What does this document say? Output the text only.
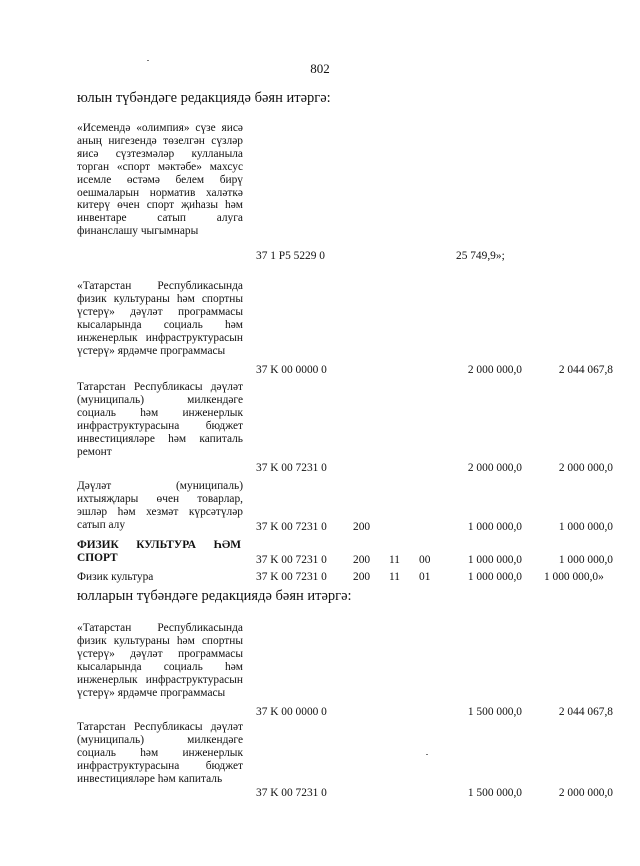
802
юлын түбәндәге редакциядә бәян итәргә:
«Исемендә «олимпия» сүзе яисә аның нигезендә төзелгән сүзләр яисә сүзтезмәләр кулланыла торган «спорт мәктәбе» махсус исемле өстәмә белем бирү оешмаларын норматив халәткә китерү өчен спорт җиһазы һәм инвентаре сатып алуга финанслашу чыгымнары
37 1 P5 5229 0	25 749,9»;
«Татарстан Республикасында физик культураны һәм спортны үстерү» дәүләт программасы кысаларында социаль һәм инженерлык инфраструктурасын үстерү» ярдәмче программасы
37 K 00 0000 0	2 000 000,0	2 044 067,8
Татарстан Республикасы дәүләт (муниципаль) милкендәге социаль һәм инженерлык инфраструктурасына бюджет инвестицияләре һәм капиталь ремонт
37 K 00 7231 0	2 000 000,0	2 000 000,0
Дәүләт (муниципаль) ихтыяҗлары өчен товарлар, эшләр һәм хезмәт күрсәтүләр сатып алу	37 K 00 7231 0 200	1 000 000,0	1 000 000,0
ФИЗИК КУЛЬТУРА ҺӘМ СПОРТ	37 K 00 7231 0 200 11 00	1 000 000,0	1 000 000,0
Физик культура	37 K 00 7231 0 200 11 01	1 000 000,0 1 000 000,0»
юлларын түбәндәге редакциядә бәян итәргә:
«Татарстан Республикасында физик культураны һәм спортны үстерү» дәүләт программасы кысаларында социаль һәм инженерлык инфраструктурасын үстерү» ярдәмче программасы
37 K 00 0000 0	1 500 000,0	2 044 067,8
Татарстан Республикасы дәүләт (муниципаль) милкендәге социаль һәм инженерлык инфраструктурасына бюджет инвестицияләре һәм капиталь
37 K 00 7231 0	1 500 000,0	2 000 000,0
